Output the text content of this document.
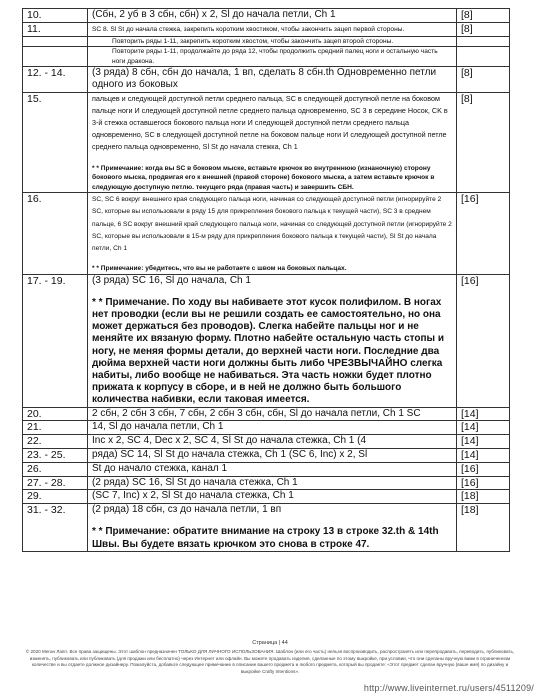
10.	(Сбн, 2 уб в 3 сбн, сбн) х 2, Sl до начала петли, Ch 1	[8]
11.	SC 8. Sl St до начала стежка, закрепить коротким хвостиком, чтобы закончить зацеп первой стороны.	[8]

	Повторить ряды 1-11, закрепить коротким хвостом, чтобы закончить зацеп второй стороны.	

	Повторите ряды 1-11, продолжайте до ряда 12, чтобы продолжить средний палец ноги и остальную часть ноги дракона.	

12. - 14.	(3 ряда) 8 сбн, сбн до начала, 1 вп, сделать 8 сбн.th Одновременно петли одного из боковых	[8]
15.	пальцев и следующей доступной петли среднего пальца, SC в следующей доступной петле на боковом пальце ноги И следующей доступной петле среднего пальца одновременно, SC 3 в середине Носок, CK в 3-й стежка оставшегося бокового пальца ноги И следующей доступной петли среднего пальца одновременно, SC в следующей доступной петле на боковом пальце ноги И следующей доступной петле среднего пальца одновременно, Sl St до начала стежка, Ch 1
* * Примечание: когда вы SC в боковом мыске, вставьте крючок во внутреннюю (изнаночную) сторону бокового мыска, продвигая его к внешней (правой стороне) бокового мыска, а затем вставьте крючок в следующую доступную петлю. текущего ряда (правая часть) и завершить СБН.	[8]
16.	SC, SC 6 вокруг внешнего края следующего пальца ноги, начиная со следующей доступной петли (игнорируйте 2 SC, которые вы использовали в ряду 15 для прикрепления бокового пальца к текущей части), SC 3 в среднем пальце, 6 SC вокруг внешний край следующего пальца ноги, начиная со следующей доступной петли (игнорируйте 2 SC, которые вы использовали в 15-м ряду для прикрепления бокового пальца к текущей части), Sl St до начала петли, Ch 1
* * Примечание: убедитесь, что вы не работаете с швом на боковых пальцах.	[16]
17. - 19.	(3 ряда) SC 16, Sl до начала, Ch 1
* * Примечание. По ходу вы набиваете этот кусок полифилом. В ногах нет проводки (если вы не решили создать ее самостоятельно, но она может держаться без проводов). Слегка набейте пальцы ног и не меняйте их вязаную форму. Плотно набейте остальную часть стопы и ногу, не меняя формы детали, до верхней части ноги. Последние два дюйма верхней части ноги должны быть либо ЧРЕЗВЫЧАЙНО слегка набиты, либо вообще не набиваться. Эта часть ножки будет плотно прижата к корпусу в сборе, и в ней не должно быть большого количества набивки, если таковая имеется.	[16]
20.	2 сбн, 2 сбн 3 сбн, 7 сбн, 2 сбн 3 сбн, сбн, Sl до начала петли, Ch 1 SC	[14]
21.	14, Sl до начала петли, Ch 1	[14]
22.	Inc x 2, SC 4, Dec x 2, SC 4, Sl St до начала стежка, Ch 1 (4	[14]
23. - 25.	ряда) SC 14, Sl St до начала стежка, Ch 1 (SC 6, Inc) x 2, Sl	[14]
26.	St до начало стежка, канал 1	[16]
27. - 28.	(2 ряда) SC 16, Sl St до начала стежка, Ch 1	[16]
29.	(SC 7, Inc) x 2, Sl St до начала стежка, Ch 1	[18]
31. - 32.	(2 ряда) 18 сбн, сз до начала петли, 1 вп
* * Примечание: обратите внимание на строку 13 в строке 32.th & 14th Швы. Вы будете вязать крючком это снова в строке 47.	[18]
Страница | 44
© 2020 Меган Лапп. Все права защищены. Этот шаблон предназначен ТОЛЬКО ДЛЯ ЛИЧНОГО ИСПОЛЬЗОВАНИЯ. Шаблон (или его часть) нельзя воспроизводить, распространять или перепродавать, переводить, публиковать, изменять, публиковать или публиковать (для продажи или бесплатно) через Интернет или офлайн. Вы можете продавать изделия, сделанные по этому выкройке, при условии, что они сделаны вручную вами в ограниченном количестве и вы отдаете должное дизайнеру. Пожалуйста, добавьте следующее примечание в описание вашего предмета и любого предмета, который вы продаете: «Этот предмет сделан вручную (ваше имя) по дизайну и выкройке Crafty Intentions».
http://www.liveinternet.ru/users/4511209/
